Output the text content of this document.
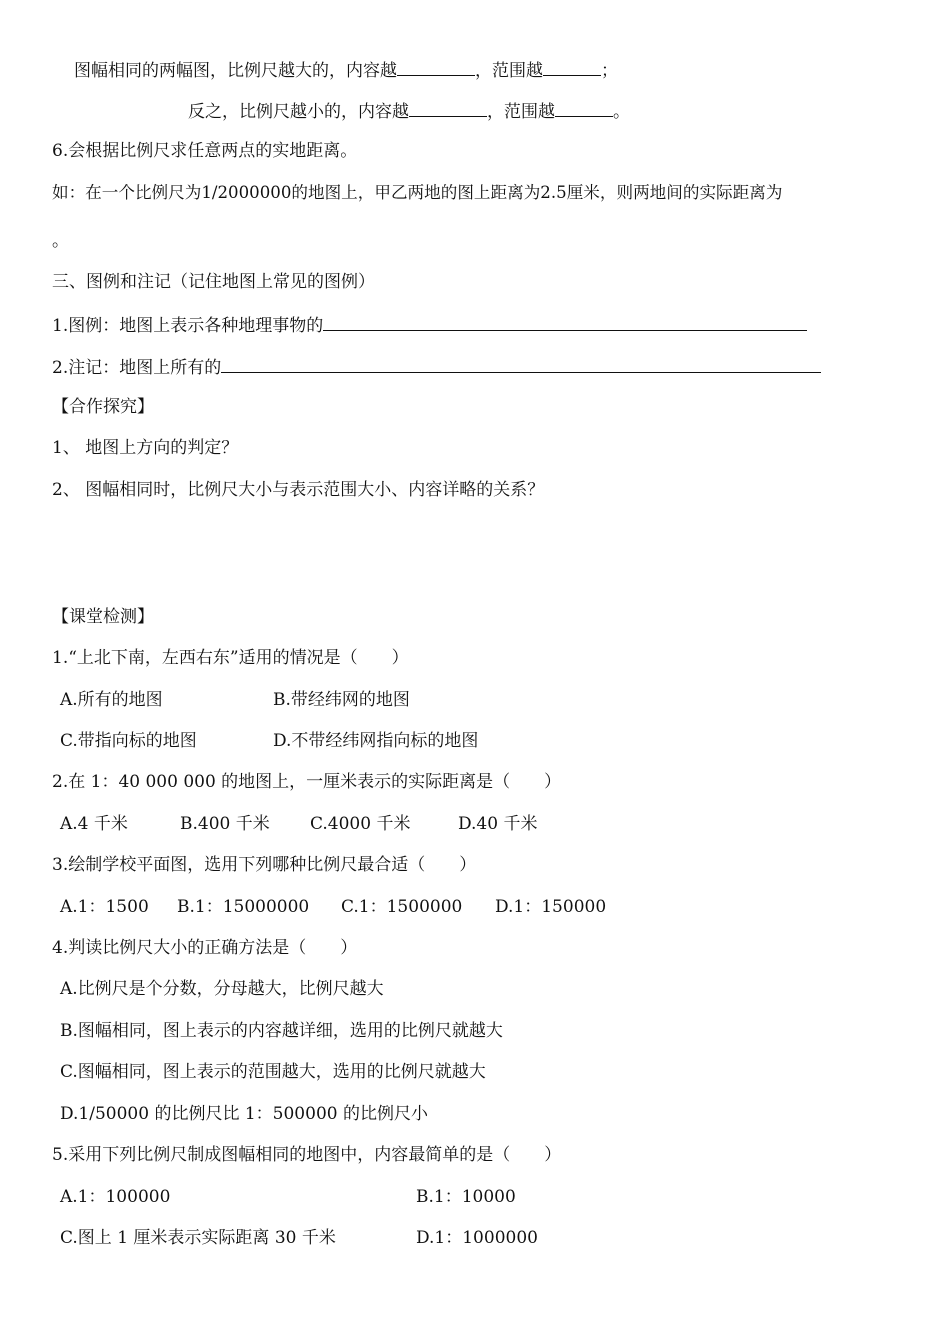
图幅相同的两幅图，比例尺越大的，内容越	，范围越	；
反之，比例尺越小的，内容越	，范围越	。
6.会根据比例尺求任意两点的实地距离。
如：在一个比例尺为1/2000000的地图上，甲乙两地的图上距离为2.5厘米，则两地间的实际距离为
。
三、图例和注记（记住地图上常见的图例）
1.图例：地图上表示各种地理事物的
2.注记：地图上所有的
【合作探究】
1、 地图上方向的判定？
2、 图幅相同时，比例尺大小与表示范围大小、内容详略的关系？
【课堂检测】
1.“上北下南，左西右东”适用的情况是（　　）
A.所有的地图	B.带经纬网的地图
C.带指向标的地图	D.不带经纬网指向标的地图
2.在 1：40 000 000 的地图上，一厘米表示的实际距离是（　　）
A.4 千米	B.400 千米 C.4000 千米	D.40 千米
3.绘制学校平面图，选用下列哪种比例尺最合适（　　）
A.1：1500 B.1：15000000 C.1：1500000 D.1：150000
4.判读比例尺大小的正确方法是（　　）
A.比例尺是个分数，分母越大，比例尺越大
B.图幅相同，图上表示的内容越详细，选用的比例尺就越大
C.图幅相同，图上表示的范围越大，选用的比例尺就越大
D.1/50000 的比例尺比 1：500000 的比例尺小
5.采用下列比例尺制成图幅相同的地图中，内容最简单的是（　　）
A.1：100000	B.1：10000
C.图上 1 厘米表示实际距离 30 千米	D.1：1000000
